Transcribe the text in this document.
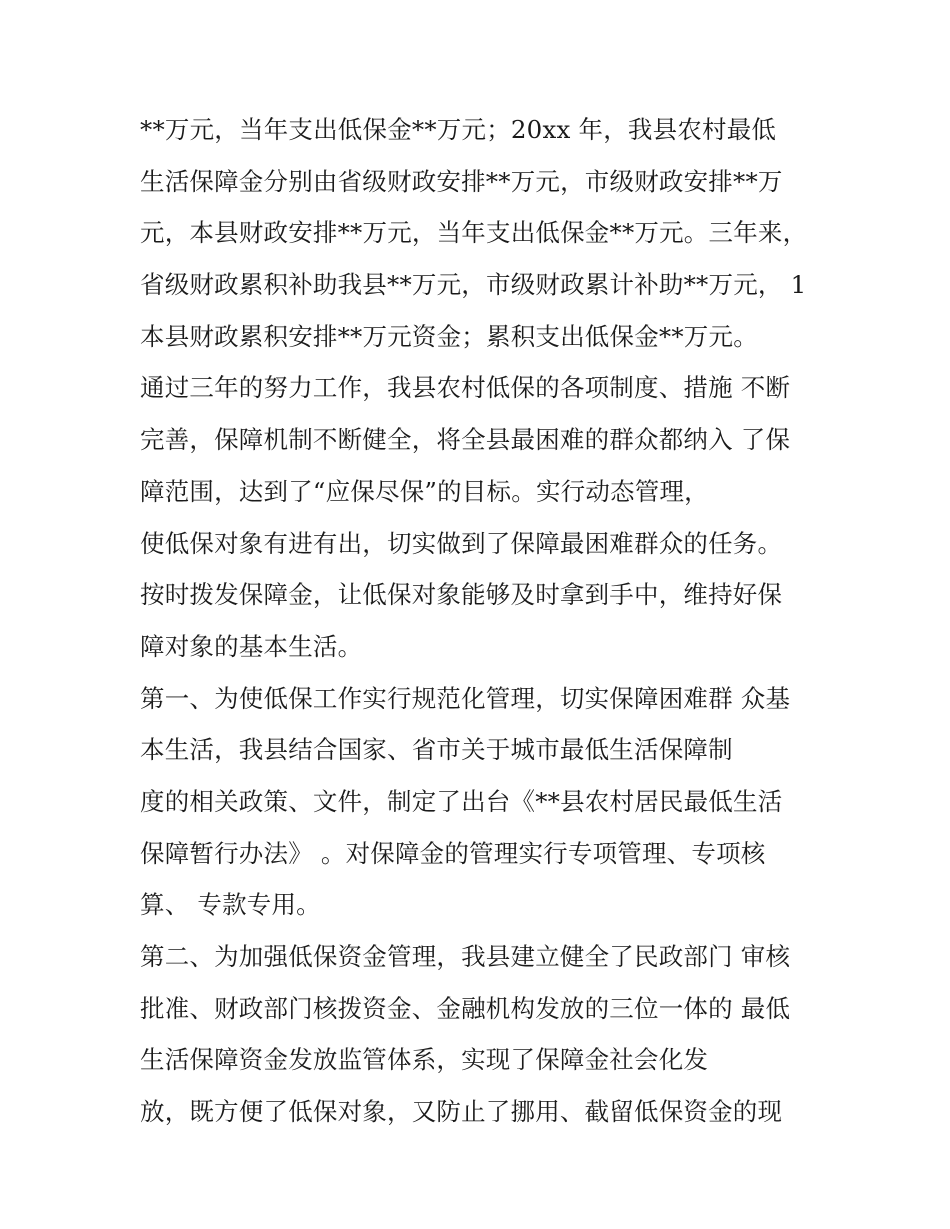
**万元，当年支出低保金**万元；20xx 年，我县农村最低
生活保障金分别由省级财政安排**万元，市级财政安排**万
元，本县财政安排**万元，当年支出低保金**万元。三年来，
省级财政累积补助我县**万元，市级财政累计补助**万元， 1
本县财政累积安排**万元资金；累积支出低保金**万元。
通过三年的努力工作，我县农村低保的各项制度、措施 不断
完善，保障机制不断健全，将全县最困难的群众都纳入 了保
障范围，达到了“应保尽保”的目标。实行动态管理，
使低保对象有进有出，切实做到了保障最困难群众的任务。
按时拨发保障金，让低保对象能够及时拿到手中，维持好保
障对象的基本生活。
第一、为使低保工作实行规范化管理，切实保障困难群 众基
本生活，我县结合国家、省市关于城市最低生活保障制
度的相关政策、文件，制定了出台《**县农村居民最低生活
保障暂行办法》 。对保障金的管理实行专项管理、专项核
算、 专款专用。
第二、为加强低保资金管理，我县建立健全了民政部门 审核
批准、财政部门核拨资金、金融机构发放的三位一体的 最低
生活保障资金发放监管体系，实现了保障金社会化发
放，既方便了低保对象，又防止了挪用、截留低保资金的现
